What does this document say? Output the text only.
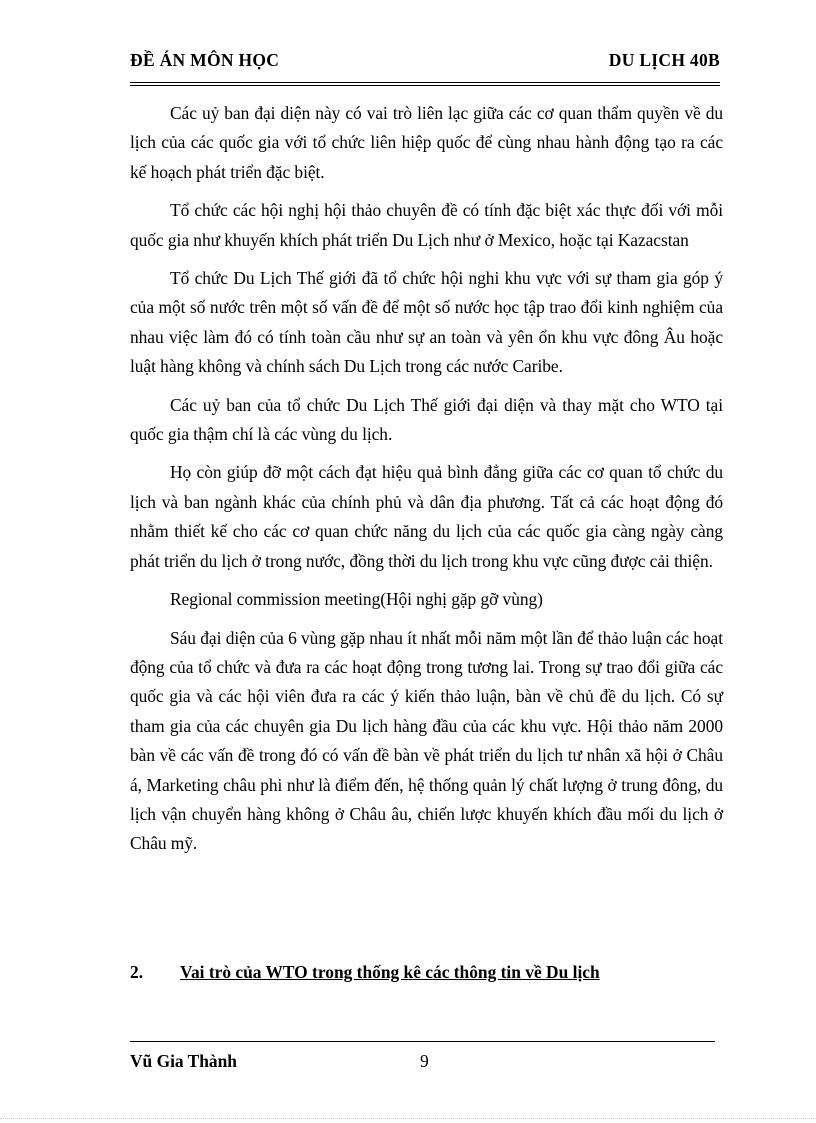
ĐỀ ÁN MÔN HỌC	DU LỊCH 40B

Các uỷ ban đại diện này có vai trò liên lạc giữa các cơ quan thẩm quyền về du lịch của các quốc gia với tổ chức liên hiệp quốc để cùng nhau hành động tạo ra các kế hoạch phát triển đặc biệt.

Tổ chức các hội nghị hội thảo chuyên đề có tính đặc biệt xác thực đối với mỗi quốc gia như khuyến khích phát triển Du Lịch như ở Mexico, hoặc tại Kazacstan

Tổ chức Du Lịch Thế giới đã tổ chức hội nghi khu vực với sự tham gia góp ý của một số nước trên một số vấn đề để một số nước học tập trao đổi kinh nghiệm của nhau việc làm đó có tính toàn cầu như sự an toàn và yên ổn khu vực đông Âu hoặc luật hàng không và chính sách Du Lịch trong các nước Caribe.

Các uỷ ban của tổ chức Du Lịch Thế giới đại diện và thay mặt cho WTO tại quốc gia thậm chí là các vùng du lịch.

Họ còn giúp đỡ một cách đạt hiệu quả bình đẳng giữa các cơ quan tổ chức du lịch và ban ngành khác của chính phủ và dân địa phương. Tất cả các hoạt động đó nhằm thiết kế cho các cơ quan chức năng du lịch của các quốc gia càng ngày càng phát triển du lịch ở trong nước, đồng thời du lịch trong khu vực cũng được cải thiện.

Regional commission meeting(Hội nghị gặp gỡ vùng)

Sáu đại diện của 6 vùng gặp nhau ít nhất mỗi năm một lần để thảo luận các hoạt động của tổ chức và đưa ra các hoạt động trong tương lai. Trong sự trao đổi giữa các quốc gia và các hội viên đưa ra các ý kiến thảo luận, bàn về chủ đề du lịch. Có sự tham gia của các chuyên gia Du lịch hàng đầu của các khu vực. Hội thảo năm 2000 bàn về các vấn đề trong đó có vấn đề bàn về phát triển du lịch tư nhân xã hội ở Châu á, Marketing châu phi như là điểm đến, hệ thống quản lý chất lượng ở trung đông, du lịch vận chuyển hàng không ở Châu âu, chiến lược khuyến khích đầu mối du lịch ở Châu mỹ.

2. Vai trò của WTO trong thống kê các thông tin về Du lịch
Vũ Gia Thành	9
